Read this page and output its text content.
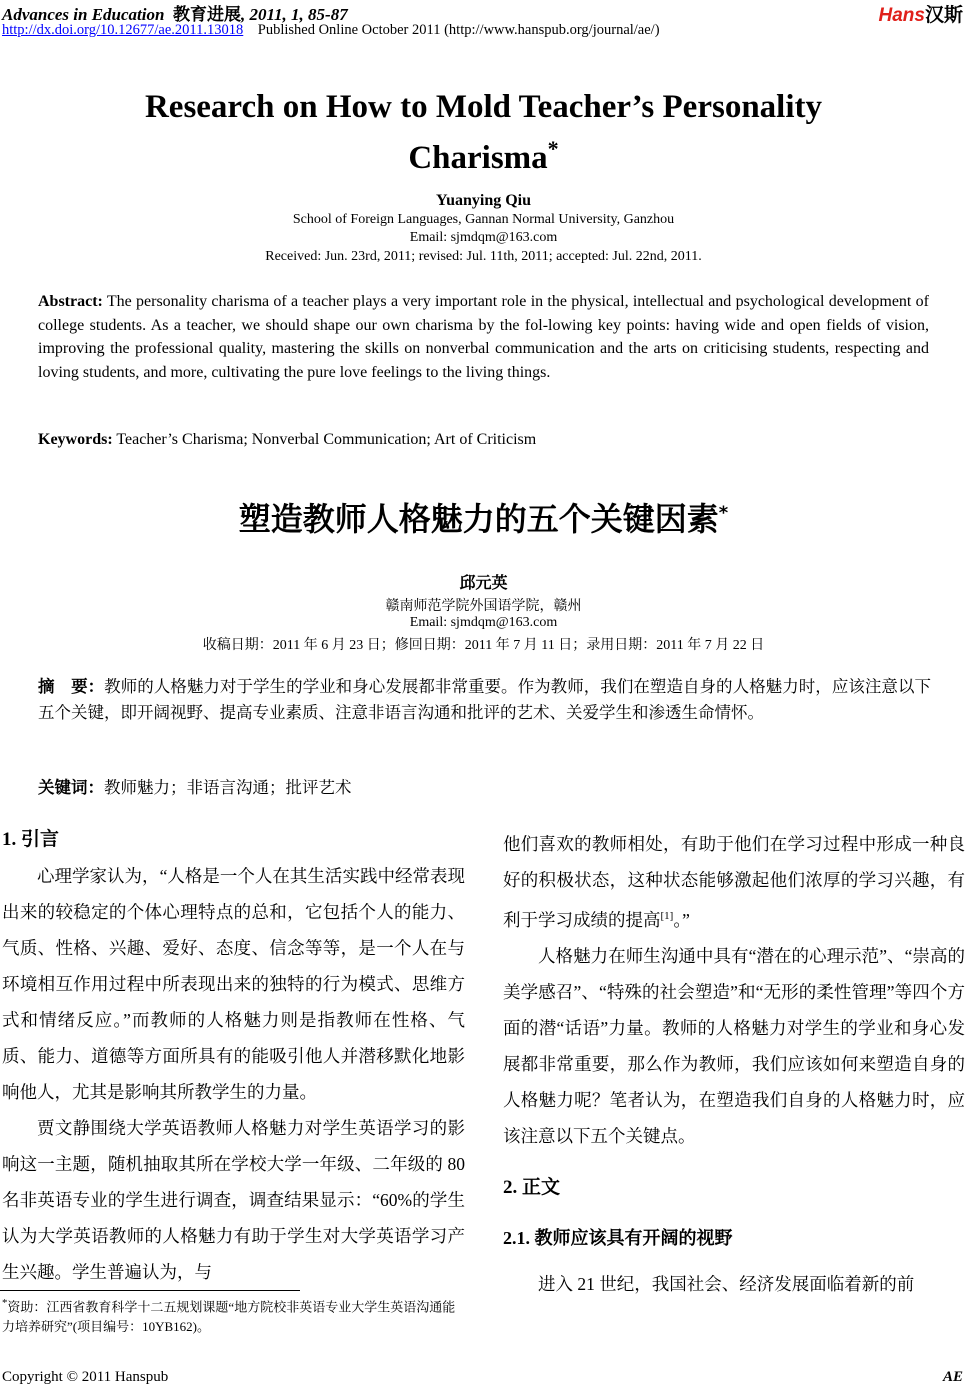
Advances in Education 教育进展, 2011, 1, 85-87
http://dx.doi.org/10.12677/ae.2011.13018 Published Online October 2011 (http://www.hanspub.org/journal/ae/)
Hans汉斯
Research on How to Mold Teacher’s Personality
Charisma*
Yuanying Qiu
School of Foreign Languages, Gannan Normal University, Ganzhou
Email: sjmdqm@163.com
Received: Jun. 23rd, 2011; revised: Jul. 11th, 2011; accepted: Jul. 22nd, 2011.
Abstract: The personality charisma of a teacher plays a very important role in the physical, intellectual and psychological development of college students. As a teacher, we should shape our own charisma by the fol-lowing key points: having wide and open fields of vision, improving the professional quality, mastering the skills on nonverbal communication and the arts on criticising students, respecting and loving students, and more, cultivating the pure love feelings to the living things.
Keywords: Teacher’s Charisma; Nonverbal Communication; Art of Criticism
塑造教师人格魅力的五个关键因素*
邱元英
赣南师范学院外国语学院，赣州
Email: sjmdqm@163.com
收稿日期：2011 年 6 月 23 日；修回日期：2011 年 7 月 11 日；录用日期：2011 年 7 月 22 日
摘　要：教师的人格魅力对于学生的学业和身心发展都非常重要。作为教师，我们在塑造自身的人格魅力时，应该注意以下五个关键，即开阔视野、提高专业素质、注意非语言沟通和批评的艺术、关爱学生和渗透生命情怀。
关键词：教师魅力；非语言沟通；批评艺术
1. 引言

心理学家认为，“人格是一个人在其生活实践中经常表现出来的较稳定的个体心理特点的总和，它包括个人的能力、气质、性格、兴趣、爱好、态度、信念等等，是一个人在与环境相互作用过程中所表现出来的独特的行为模式、思维方式和情绪反应。”而教师的人格魅力则是指教师在性格、气质、能力、道德等方面所具有的能吸引他人并潜移默化地影响他人，尤其是影响其所教学生的力量。

贾文静围绕大学英语教师人格魅力对学生英语学习的影响这一主题，随机抽取其所在学校大学一年级、二年级的 80 名非英语专业的学生进行调查，调查结果显示：“60%的学生认为大学英语教师的人格魅力有助于学生对大学英语学习产生兴趣。学生普遍认为，与

*资助：江西省教育科学十二五规划课题“地方院校非英语专业大学生英语沟通能力培养研究”(项目编号：10YB162)。
他们喜欢的教师相处，有助于他们在学习过程中形成一种良好的积极状态，这种状态能够激起他们浓厚的学习兴趣，有利于学习成绩的提高[1]。”

人格魅力在师生沟通中具有“潜在的心理示范”、“崇高的美学感召”、“特殊的社会塑造”和“无形的柔性管理”等四个方面的潜“话语”力量。教师的人格魅力对学生的学业和身心发展都非常重要，那么作为教师，我们应该如何来塑造自身的人格魅力呢？笔者认为，在塑造我们自身的人格魅力时，应该注意以下五个关键点。

2. 正文
2.1. 教师应该具有开阔的视野

进入 21 世纪，我国社会、经济发展面临着新的前

Copyright © 2011 Hanspub	AE
